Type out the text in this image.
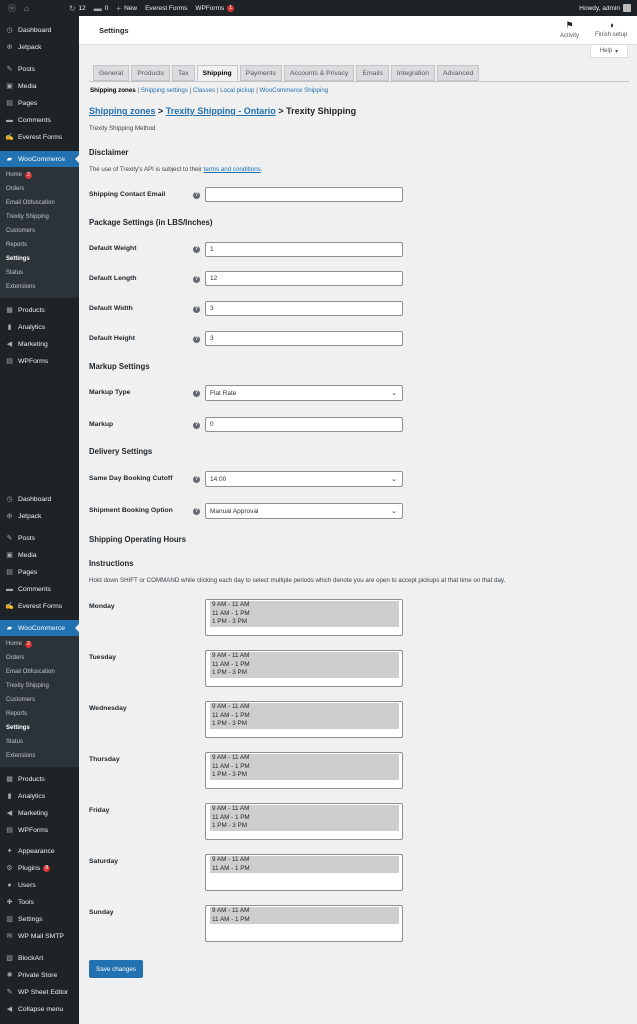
ⓦ ⌂	↻ 12 ▬ 0 + New Everest Forms WPForms	1	Howdy, admin
◷ Dashboard
⊕ Jetpack
✎ Posts
▣ Media
▤ Pages
▬ Comments
✍ Everest Forms
▰ WooCommerce
Home	2
Orders
Email Obfuscation
Trexity Shipping
Customers
Reports
Settings
Status
Extensions
▦ Products
▮ Analytics
◀ Marketing
▤ WPForms
◷ Dashboard
⊕ Jetpack
✎ Posts
▣ Media
▤ Pages
▬ Comments
✍ Everest Forms
▰ WooCommerce
Home	2
Orders
Email Obfuscation
Trexity Shipping
Customers
Reports
Settings
Status
Extensions
▦ Products
▮ Analytics
◀ Marketing
▤ WPForms
✦ Appearance
⚙ Plugins	8
● Users
✚ Tools
▥ Settings
✉ WP Mail SMTP
▧ BlockArt
✺ Private Store
✎ WP Sheet Editor
◀ Collapse menu
Settings
⚑
Activity
◑
Finish setup
Help ▾
General	Products	Tax	Shipping	Payments	Accounts & Privacy	Emails	Integration	Advanced
Shipping zones | Shipping settings | Classes | Local pickup | WooCommerce Shipping
Shipping zones > Trexity Shipping - Ontario > Trexity Shipping
Trexity Shipping Method
Disclaimer
The use of Trexity's API is subject to their terms and conditions.
Shipping Contact Email	?
Package Settings (in LBS/Inches)
Default Weight	?	1
Default Length	?	12
Default Width	?	3
Default Height	?	3
Markup Settings
Markup Type	?	Flat Rate	⌄
Markup	?	0
Delivery Settings
Same Day Booking Cutoff	?	14:00	⌄
Shipment Booking Option	?	Manual Approval	⌄
Shipping Operating Hours
Instructions
Hold down SHIFT or COMMAND while clicking each day to select multiple periods which denote you are open to accept pickups at that time on that day.
Monday	9 AM - 11 AM
11 AM - 1 PM
1 PM - 3 PM
Tuesday	9 AM - 11 AM
11 AM - 1 PM
1 PM - 3 PM
Wednesday	9 AM - 11 AM
11 AM - 1 PM
1 PM - 3 PM
Thursday	9 AM - 11 AM
11 AM - 1 PM
1 PM - 3 PM
Friday	9 AM - 11 AM
11 AM - 1 PM
1 PM - 3 PM
Saturday	9 AM - 11 AM
11 AM - 1 PM
Sunday	9 AM - 11 AM
11 AM - 1 PM
Save changes
